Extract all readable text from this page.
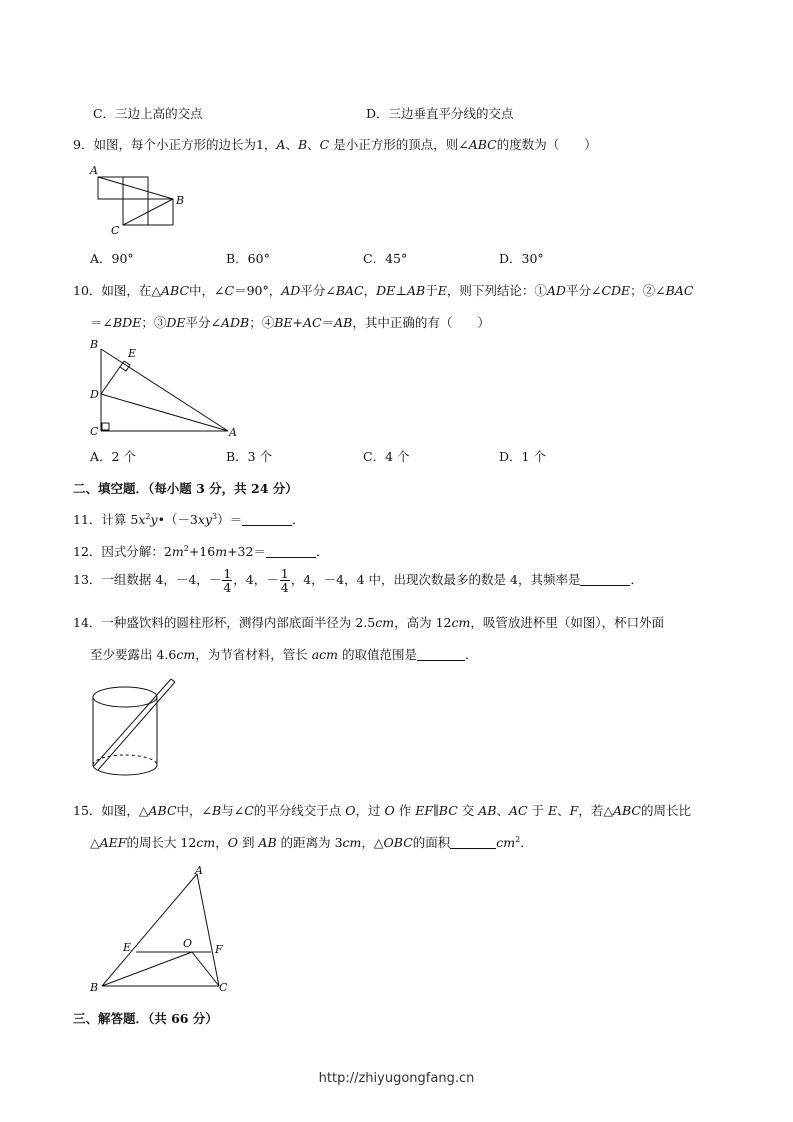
C．三边上高的交点	D．三边垂直平分线的交点
9．如图，每个小正方形的边长为1，A、B、C 是小正方形的顶点，则∠ABC的度数为（　　）
A
B
C
A．90°	B．60°	C．45°	D．30°
10．如图，在△ABC中，∠C＝90°，AD平分∠BAC，DE⊥AB于E，则下列结论：①AD平分∠CDE；②∠BAC
＝∠BDE；③DE平分∠ADB；④BE+AC＝AB，其中正确的有（　　）
B
E
D
C	A
A．2 个	B．3 个	C．4 个	D．1 个
二、填空题．（每小题 3 分，共 24 分）
11．计算 $5x^2y•(-3xy^3)=$	．
12．因式分解：$2m^2+16m+32=$	．
13．一组数据 4，－4，－ $\frac{1}{4}$ ，4，－ $\frac{1}{4}$ ，4，－4，4 中，出现次数最多的数是 4，其频率是	．
14．一种盛饮料的圆柱形杯，测得内部底面半径为 2.5cm，高为 12cm，吸管放进杯里（如图），杯口外面
至少要露出 4.6cm，为节省材料，管长 acm 的取值范围是	．
15．如图，△ABC中，∠B与∠C的平分线交于点 O，过 O 作 EF∥BC 交 AB、AC 于 E、F，若△ABC的周长比
△AEF的周长大 12cm，O 到 AB 的距离为 3cm，△OBC的面积	$cm^2$．
A
E	O F
B	C
三、解答题．（共 66 分）
http://zhiyugongfang.cn
